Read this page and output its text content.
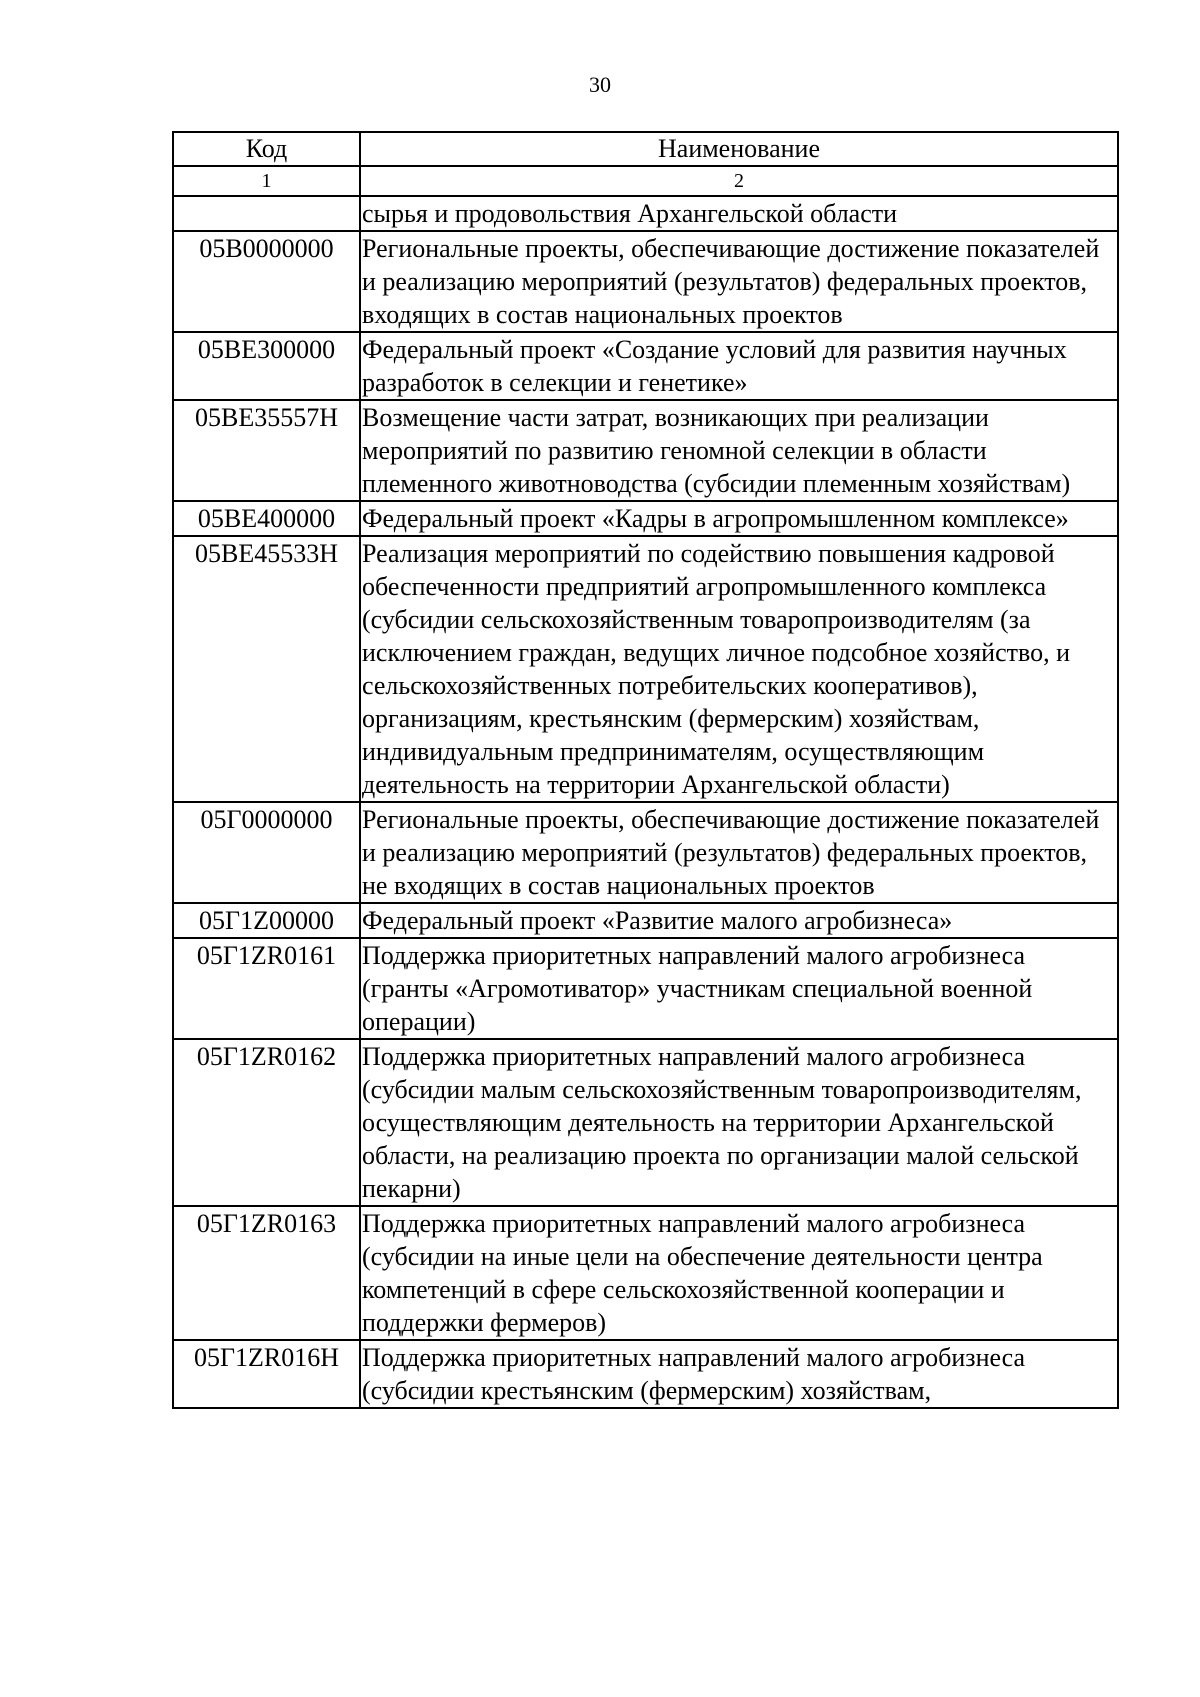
30
Код	Наименование
1	2
	сырья и продовольствия Архангельской области
05В0000000	Региональные проекты, обеспечивающие достижение показателей и реализацию мероприятий (результатов) федеральных проектов, входящих в состав национальных проектов
05ВЕ300000	Федеральный проект «Создание условий для развития научных разработок в селекции и генетике»
05ВЕ35557Н	Возмещение части затрат, возникающих при реализации мероприятий по развитию геномной селекции в области племенного животноводства (субсидии племенным хозяйствам)
05ВЕ400000	Федеральный проект «Кадры в агропромышленном комплексе»
05ВЕ45533Н	Реализация мероприятий по содействию повышения кадровой обеспеченности предприятий агропромышленного комплекса (субсидии сельскохозяйственным товаропроизводителям (за исключением граждан, ведущих личное подсобное хозяйство, и сельскохозяйственных потребительских кооперативов), организациям, крестьянским (фермерским) хозяйствам, индивидуальным предпринимателям, осуществляющим деятельность на территории Архангельской области)
05Г0000000	Региональные проекты, обеспечивающие достижение показателей и реализацию мероприятий (результатов) федеральных проектов, не входящих в состав национальных проектов
05Г1Z00000	Федеральный проект «Развитие малого агробизнеса»
05Г1ZR0161	Поддержка приоритетных направлений малого агробизнеса (гранты «Агромотиватор» участникам специальной военной операции)
05Г1ZR0162	Поддержка приоритетных направлений малого агробизнеса (субсидии малым сельскохозяйственным товаропроизводителям, осуществляющим деятельность на территории Архангельской области, на реализацию проекта по организации малой сельской пекарни)
05Г1ZR0163	Поддержка приоритетных направлений малого агробизнеса (субсидии на иные цели на обеспечение деятельности центра компетенций в сфере сельскохозяйственной кооперации и поддержки фермеров)
05Г1ZR016Н	Поддержка приоритетных направлений малого агробизнеса (субсидии крестьянским (фермерским) хозяйствам,
